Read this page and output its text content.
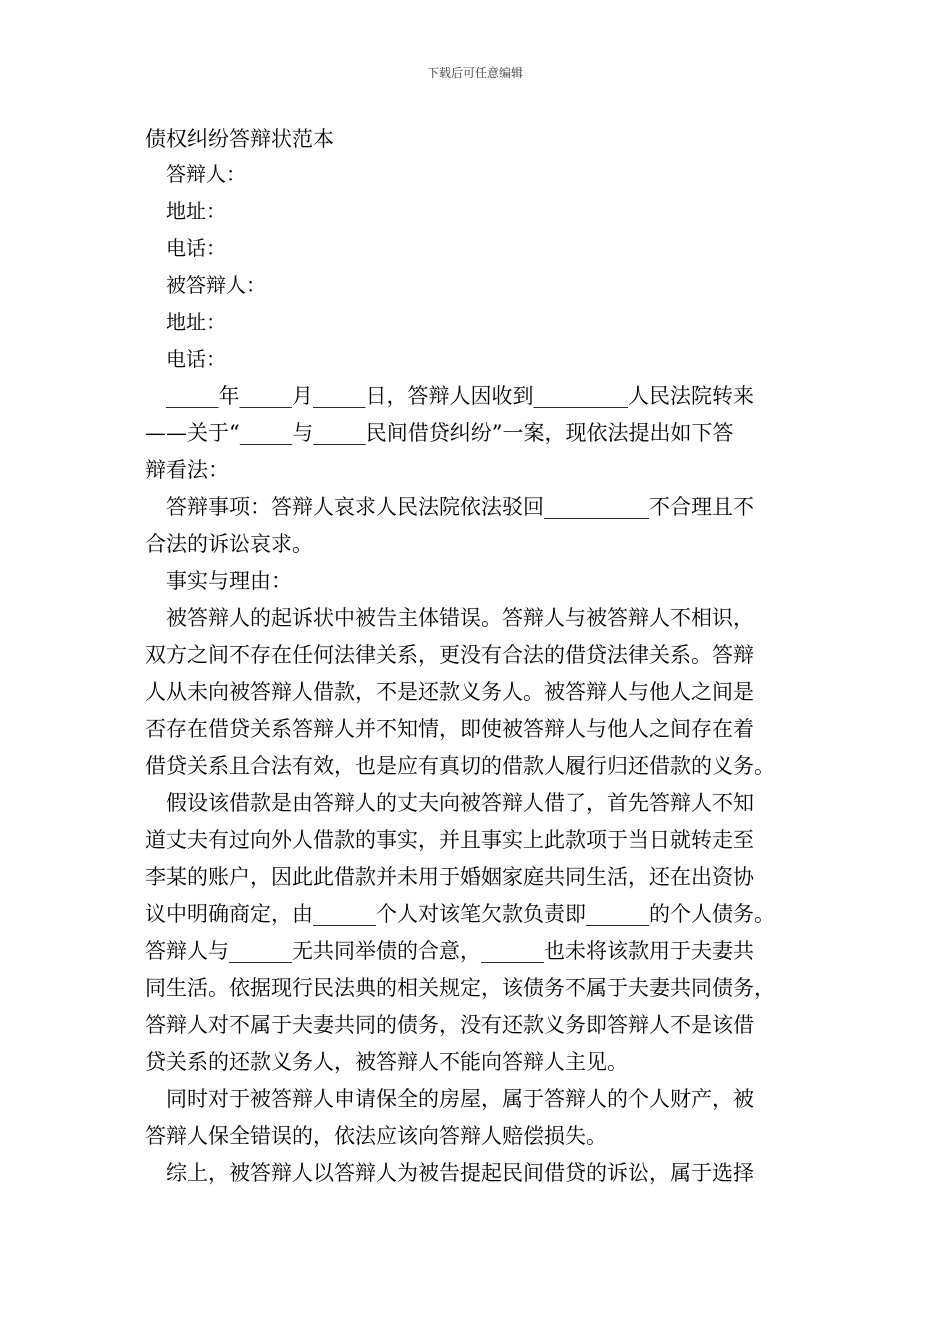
下载后可任意编辑
债权纠纷答辩状范本
答辩人：
地址：
电话：
被答辩人：
地址：
电话：
_____年_____月_____日，答辩人因收到_________人民法院转来
——关于“_____与_____民间借贷纠纷”一案，现依法提出如下答
辩看法：
答辩事项：答辩人哀求人民法院依法驳回__________不合理且不
合法的诉讼哀求。
事实与理由：
被答辩人的起诉状中被告主体错误。答辩人与被答辩人不相识，
双方之间不存在任何法律关系，更没有合法的借贷法律关系。答辩
人从未向被答辩人借款，不是还款义务人。被答辩人与他人之间是
否存在借贷关系答辩人并不知情，即使被答辩人与他人之间存在着
借贷关系且合法有效，也是应有真切的借款人履行归还借款的义务。
假设该借款是由答辩人的丈夫向被答辩人借了，首先答辩人不知
道丈夫有过向外人借款的事实，并且事实上此款项于当日就转走至
李某的账户，因此此借款并未用于婚姻家庭共同生活，还在出资协
议中明确商定，由______个人对该笔欠款负责即______的个人债务。
答辩人与______无共同举债的合意，______也未将该款用于夫妻共
同生活。依据现行民法典的相关规定，该债务不属于夫妻共同债务，
答辩人对不属于夫妻共同的债务，没有还款义务即答辩人不是该借
贷关系的还款义务人，被答辩人不能向答辩人主见。
同时对于被答辩人申请保全的房屋，属于答辩人的个人财产，被
答辩人保全错误的，依法应该向答辩人赔偿损失。
综上，被答辩人以答辩人为被告提起民间借贷的诉讼，属于选择
